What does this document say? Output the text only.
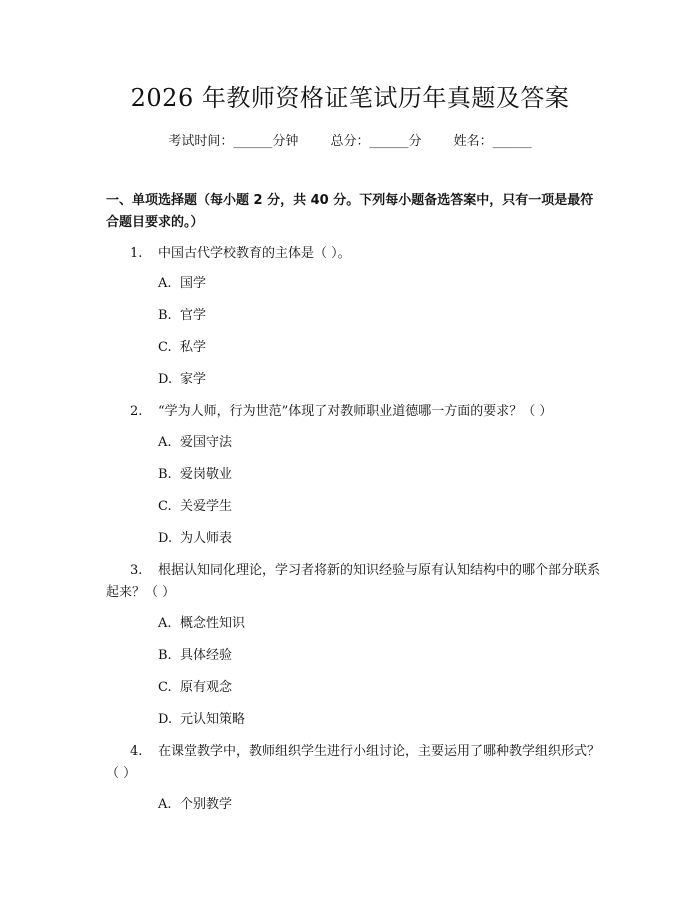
2026 年教师资格证笔试历年真题及答案
考试时间：______分钟 总分：______分 姓名：______
一、单项选择题（每小题 2 分，共 40 分。下列每小题备选答案中，只有一项是最符合题目要求的。）
1. 中国古代学校教育的主体是（ ）。
A. 国学
B. 官学
C. 私学
D. 家学
2. “学为人师，行为世范”体现了对教师职业道德哪一方面的要求？（ ）
A. 爱国守法
B. 爱岗敬业
C. 关爱学生
D. 为人师表
3. 根据认知同化理论，学习者将新的知识经验与原有认知结构中的哪个部分联系起来？（ ）
A. 概念性知识
B. 具体经验
C. 原有观念
D. 元认知策略
4. 在课堂教学中，教师组织学生进行小组讨论，主要运用了哪种教学组织形式？（ ）
A. 个别教学
